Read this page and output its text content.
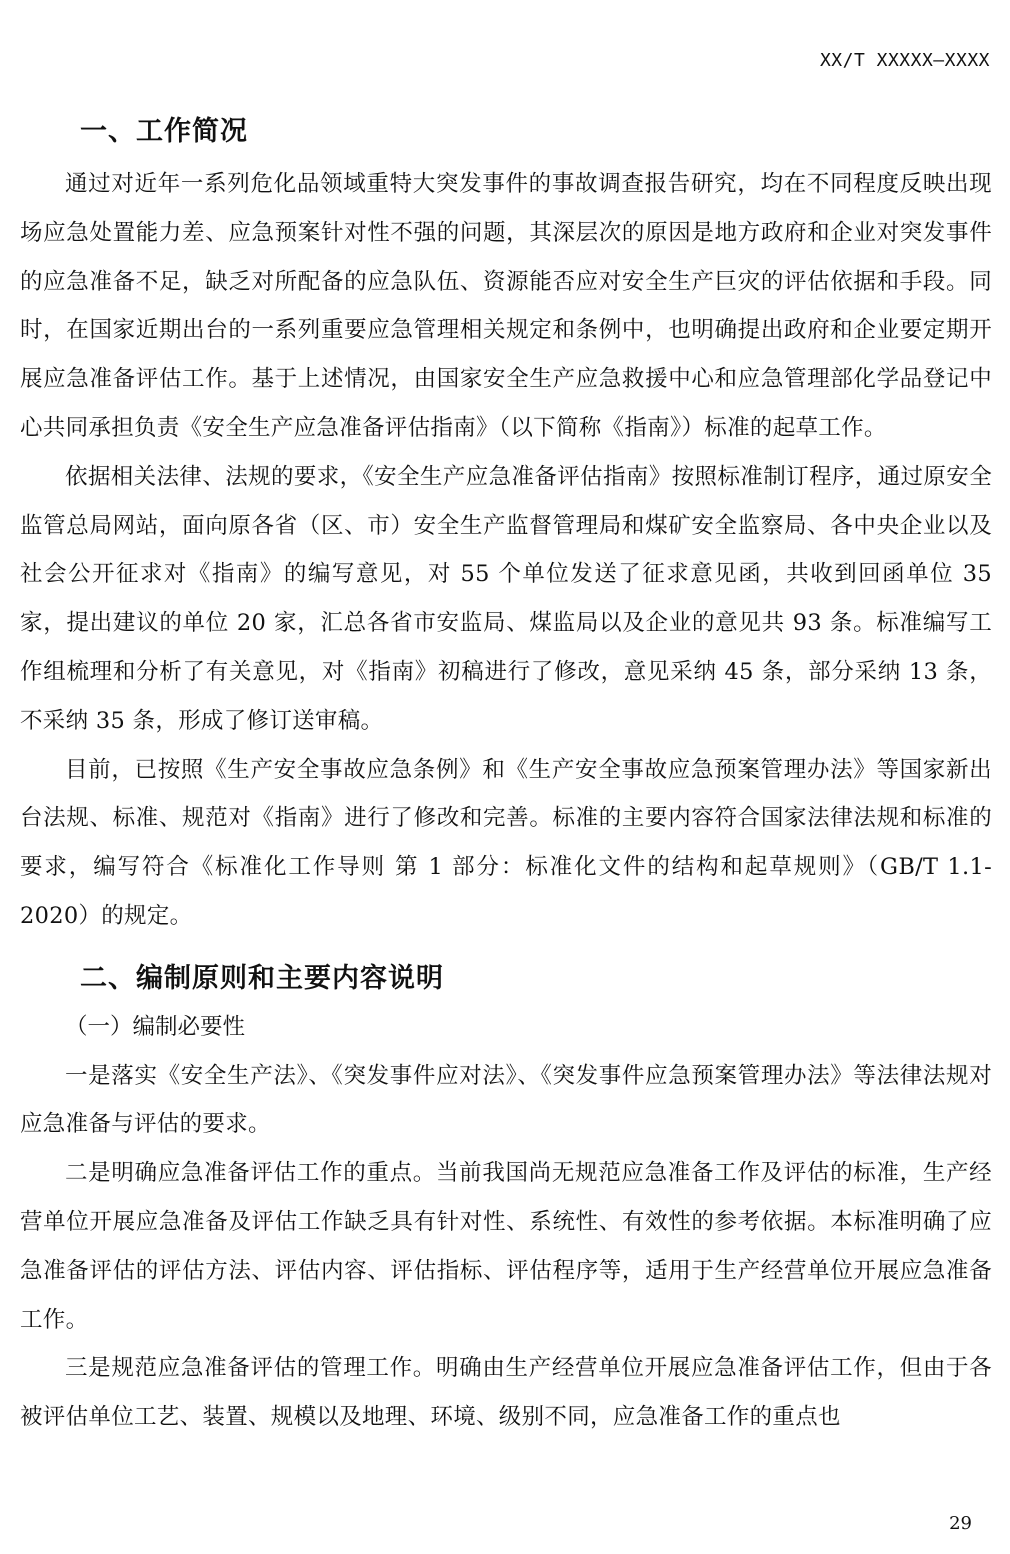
XX/T XXXXX—XXXX
一、工作简况

通过对近年一系列危化品领域重特大突发事件的事故调查报告研究，均在不同程度反映出现场应急处置能力差、应急预案针对性不强的问题，其深层次的原因是地方政府和企业对突发事件的应急准备不足，缺乏对所配备的应急队伍、资源能否应对安全生产巨灾的评估依据和手段。同时，在国家近期出台的一系列重要应急管理相关规定和条例中，也明确提出政府和企业要定期开展应急准备评估工作。基于上述情况，由国家安全生产应急救援中心和应急管理部化学品登记中心共同承担负责《安全生产应急准备评估指南》（以下简称《指南》）标准的起草工作。

依据相关法律、法规的要求，《安全生产应急准备评估指南》按照标准制订程序，通过原安全监管总局网站，面向原各省（区、市）安全生产监督管理局和煤矿安全监察局、各中央企业以及社会公开征求对《指南》的编写意见，对 55 个单位发送了征求意见函，共收到回函单位 35 家，提出建议的单位 20 家，汇总各省市安监局、煤监局以及企业的意见共 93 条。标准编写工作组梳理和分析了有关意见，对《指南》初稿进行了修改，意见采纳 45 条，部分采纳 13 条，不采纳 35 条，形成了修订送审稿。

目前，已按照《生产安全事故应急条例》和《生产安全事故应急预案管理办法》等国家新出台法规、标准、规范对《指南》进行了修改和完善。标准的主要内容符合国家法律法规和标准的要求，编写符合《标准化工作导则 第 1 部分：标准化文件的结构和起草规则》（GB/T 1.1-2020）的规定。

二、编制原则和主要内容说明

（一）编制必要性

一是落实《安全生产法》、《突发事件应对法》、《突发事件应急预案管理办法》等法律法规对应急准备与评估的要求。

二是明确应急准备评估工作的重点。当前我国尚无规范应急准备工作及评估的标准，生产经营单位开展应急准备及评估工作缺乏具有针对性、系统性、有效性的参考依据。本标准明确了应急准备评估的评估方法、评估内容、评估指标、评估程序等，适用于生产经营单位开展应急准备工作。

三是规范应急准备评估的管理工作。明确由生产经营单位开展应急准备评估工作，但由于各被评估单位工艺、装置、规模以及地理、环境、级别不同，应急准备工作的重点也

29
